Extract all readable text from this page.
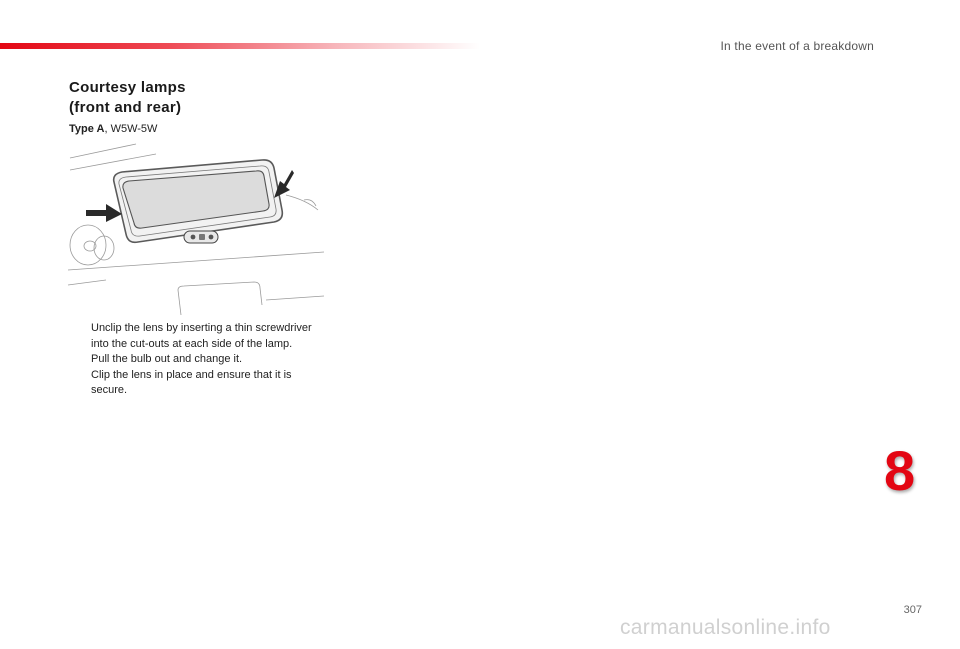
In the event of a breakdown
Courtesy lamps
(front and rear)
Type A, W5W-5W
Unclip the lens by inserting a thin screwdriver into the cut-outs at each side of the lamp.
Pull the bulb out and change it.
Clip the lens in place and ensure that it is secure.
8
307
carmanualsonline.info
